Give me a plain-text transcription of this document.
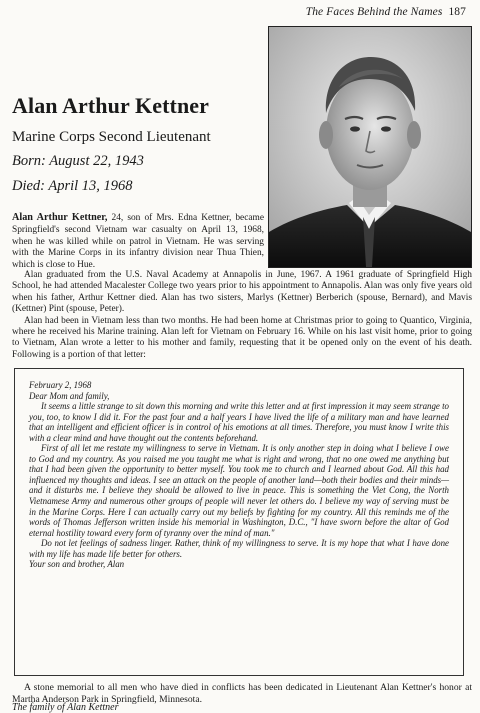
The Faces Behind the Names 187
Alan Arthur Kettner
Marine Corps Second Lieutenant
Born: August 22, 1943
Died: April 13, 1968

Alan Arthur Kettner, 24, son of Mrs. Edna Kettner, became Springfield's second Vietnam war casualty on April 13, 1968, when he was killed while on patrol in Vietnam. He was serving with the Marine Corps in its infantry division near Thua Thien, which is close to Hue.

Alan graduated from the U.S. Naval Academy at Annapolis in June, 1967. A 1961 graduate of Springfield High School, he had attended Macalester College two years prior to his appointment to Annapolis. Alan was only five years old when his father, Arthur Kettner died. Alan has two sisters, Marlys (Kettner) Berberich (spouse, Bernard), and Mavis (Kettner) Pint (spouse, Peter).

Alan had been in Vietnam less than two months. He had been home at Christmas prior to going to Quantico, Virginia, where he received his Marine training. Alan left for Vietnam on February 16. While on his last visit home, prior to going to Vietnam, Alan wrote a letter to his mother and family, requesting that it be opened only on the event of his death. Following is a portion of that letter:

February 2, 1968
Dear Mom and family,
It seems a little strange to sit down this morning and write this letter and at first impression it may seem strange to you, too, to know I did it. For the past four and a half years I have lived the life of a military man and have learned that an intelligent and efficient officer is in control of his emotions at all times. Therefore, you must know I write this with a clear mind and have thought out the contents beforehand.
First of all let me restate my willingness to serve in Vietnam. It is only another step in doing what I believe I owe to God and my country. As you raised me you taught me what is right and wrong, that no one owed me anything but that I had been given the opportunity to better myself. You took me to church and I learned about God. All this had influenced my thoughts and ideas. I see an attack on the people of another land—both their bodies and their minds—and it disturbs me. I believe they should be allowed to live in peace. This is something the Viet Cong, the North Vietnamese Army and numerous other groups of people will never let others do. I believe my way of serving must be in the Marine Corps. Here I can actually carry out my beliefs by fighting for my country. All this reminds me of the words of Thomas Jefferson written inside his memorial in Washington, D.C., "I have sworn before the altar of God eternal hostility toward every form of tyranny over the mind of man."
Do not let feelings of sadness linger. Rather, think of my willingness to serve. It is my hope that what I have done with my life has made life better for others.
Your son and brother, Alan

A stone memorial to all men who have died in conflicts has been dedicated in Lieutenant Alan Kettner's honor at Martha Anderson Park in Springfield, Minnesota.

The family of Alan Kettner
